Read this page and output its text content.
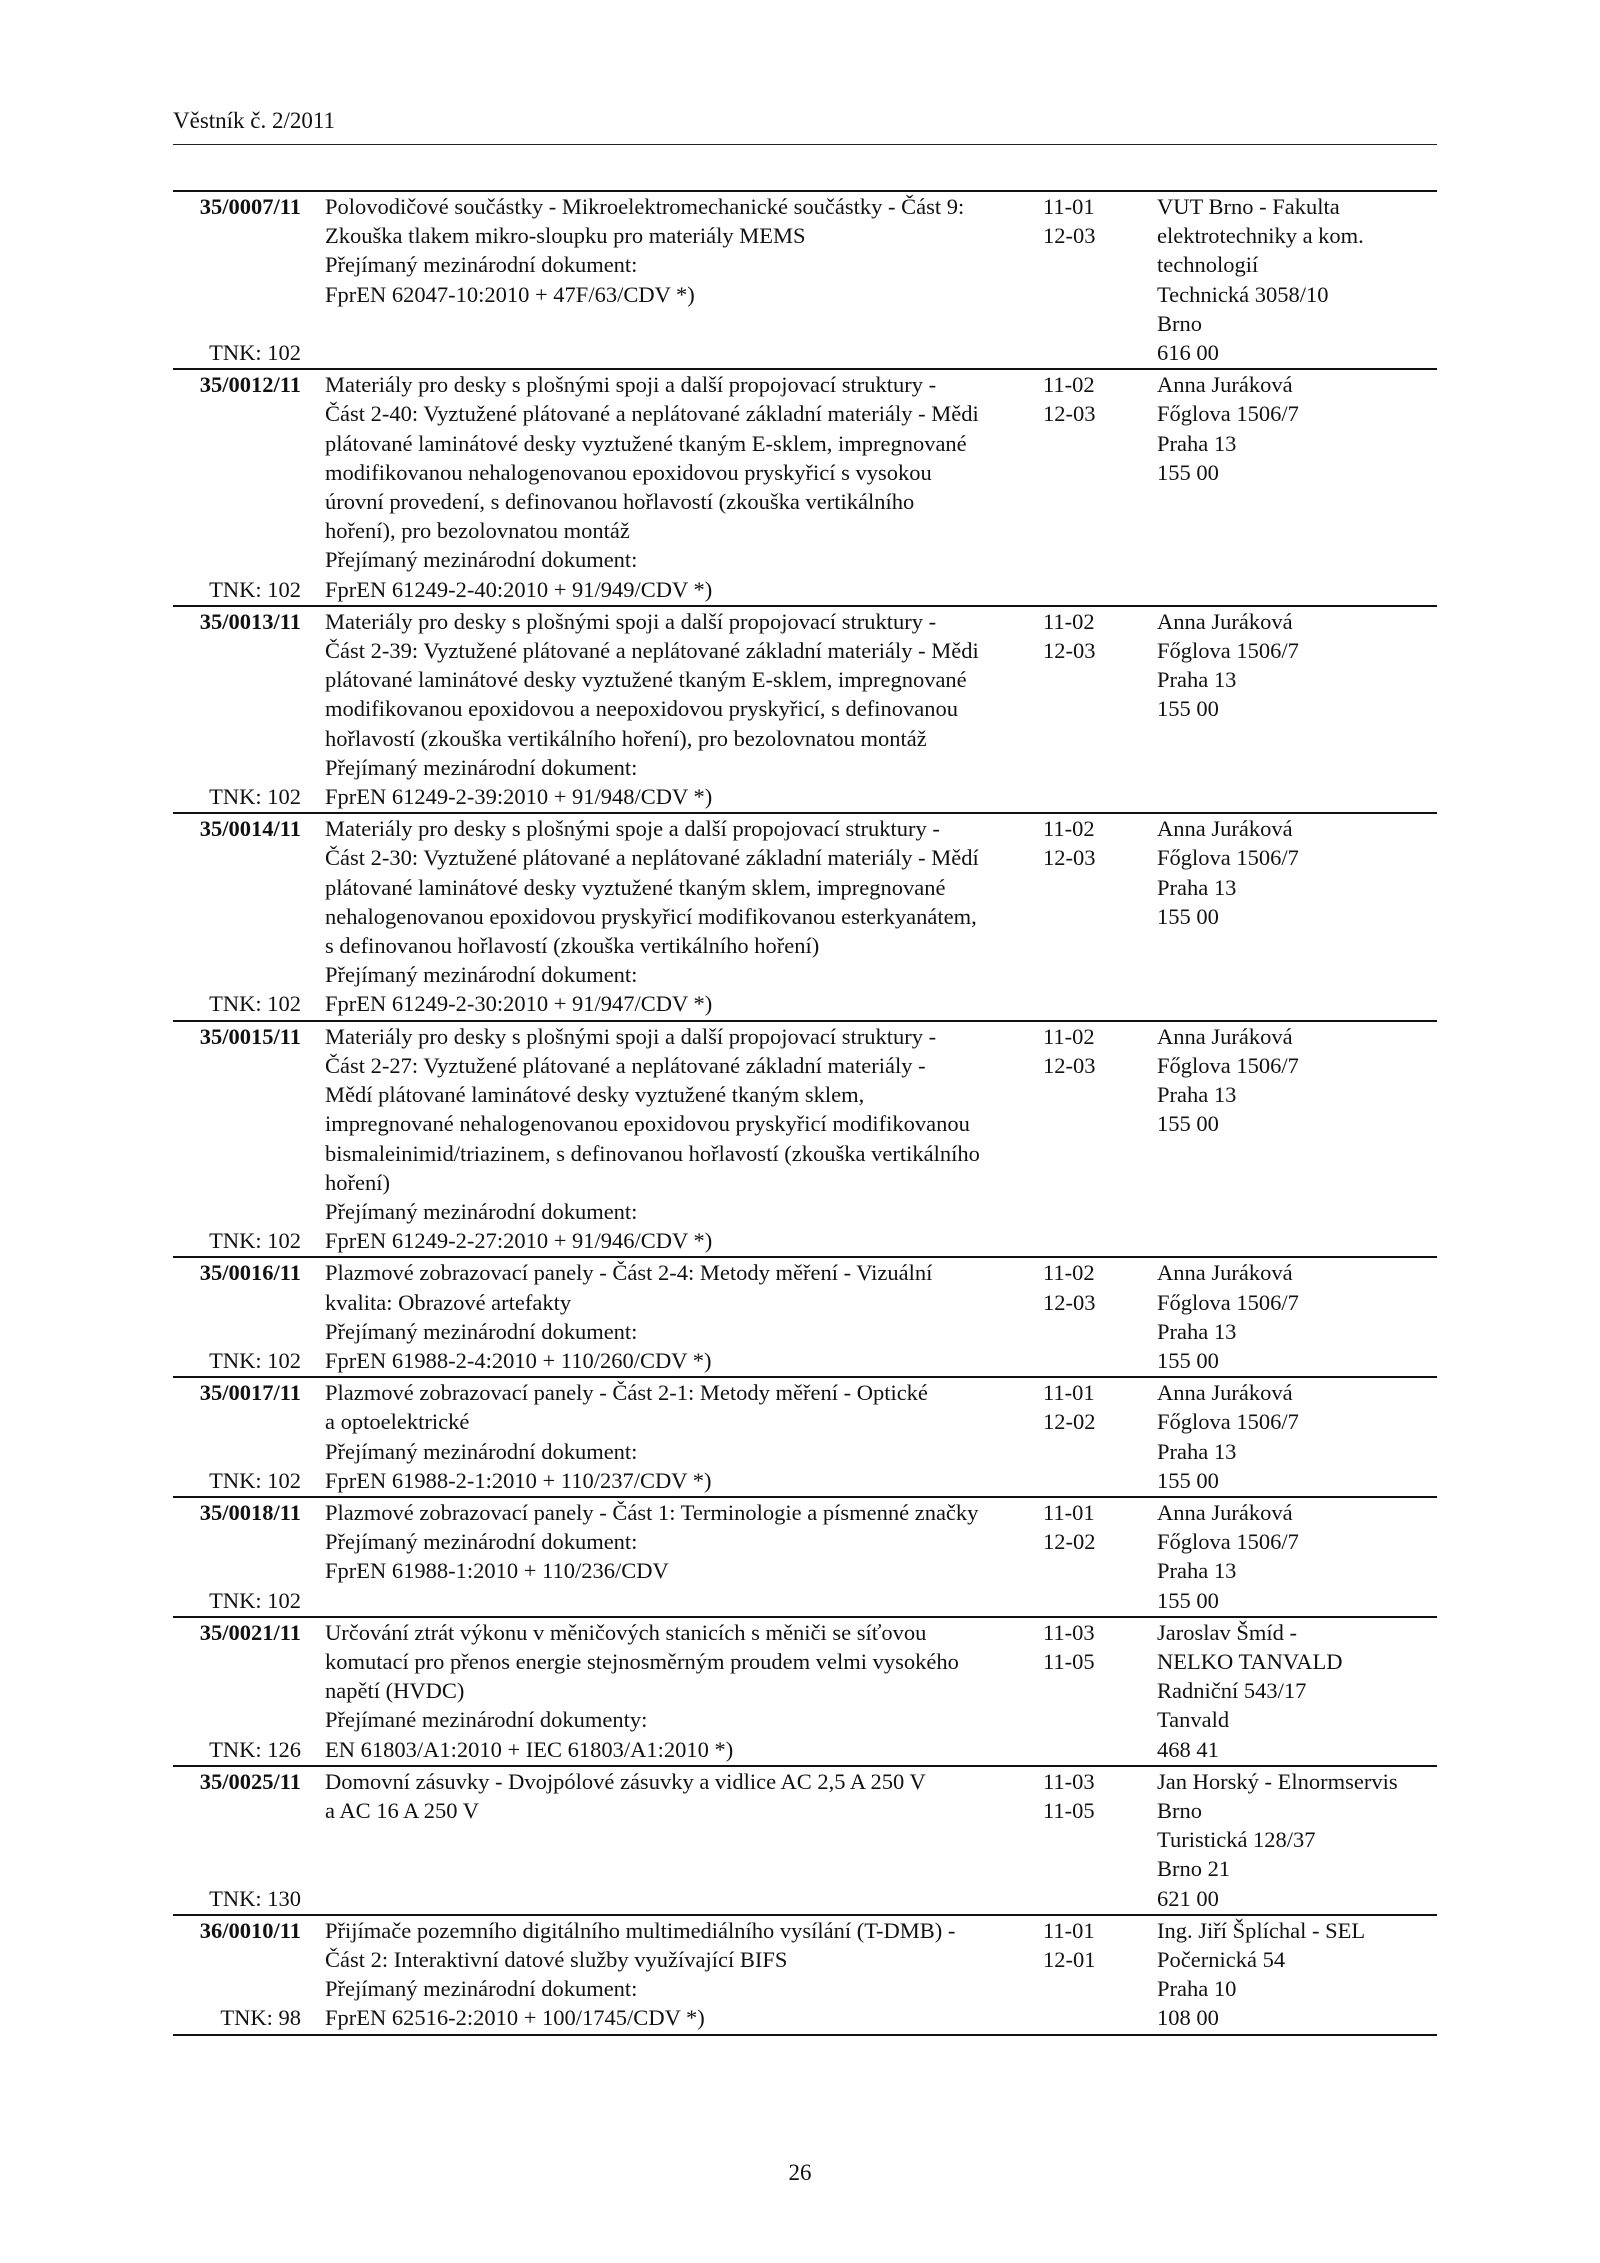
Věstník č. 2/2011
35/0007/11
TNK: 102
Polovodičové součástky - Mikroelektromechanické součástky - Část 9:
Zkouška tlakem mikro-sloupku pro materiály MEMS
Přejímaný mezinárodní dokument:
FprEN 62047-10:2010 + 47F/63/CDV *)
11-01
12-03
VUT Brno - Fakulta
elektrotechniky a kom.
technologií
Technická 3058/10
Brno
616 00
35/0012/11
TNK: 102
Materiály pro desky s plošnými spoji a další propojovací struktury -
Část 2-40: Vyztužené plátované a neplátované základní materiály - Mědi
plátované laminátové desky vyztužené tkaným E-sklem, impregnované
modifikovanou nehalogenovanou epoxidovou pryskyřicí s vysokou
úrovní provedení, s definovanou hořlavostí (zkouška vertikálního
hoření), pro bezolovnatou montáž
Přejímaný mezinárodní dokument:
FprEN 61249-2-40:2010 + 91/949/CDV *)
11-02
12-03
Anna Juráková
Főglova 1506/7
Praha 13
155 00
35/0013/11
TNK: 102
Materiály pro desky s plošnými spoji a další propojovací struktury -
Část 2-39: Vyztužené plátované a neplátované základní materiály - Mědi
plátované laminátové desky vyztužené tkaným E-sklem, impregnované
modifikovanou epoxidovou a neepoxidovou pryskyřicí, s definovanou
hořlavostí (zkouška vertikálního hoření), pro bezolovnatou montáž
Přejímaný mezinárodní dokument:
FprEN 61249-2-39:2010 + 91/948/CDV *)
11-02
12-03
Anna Juráková
Főglova 1506/7
Praha 13
155 00
35/0014/11
TNK: 102
Materiály pro desky s plošnými spoje a další propojovací struktury -
Část 2-30: Vyztužené plátované a neplátované základní materiály - Mědí
plátované laminátové desky vyztužené tkaným sklem, impregnované
nehalogenovanou epoxidovou pryskyřicí modifikovanou esterkyanátem,
s definovanou hořlavostí (zkouška vertikálního hoření)
Přejímaný mezinárodní dokument:
FprEN 61249-2-30:2010 + 91/947/CDV *)
11-02
12-03
Anna Juráková
Főglova 1506/7
Praha 13
155 00
35/0015/11
TNK: 102
Materiály pro desky s plošnými spoji a další propojovací struktury -
Část 2-27: Vyztužené plátované a neplátované základní materiály -
Mědí plátované laminátové desky vyztužené tkaným sklem,
impregnované nehalogenovanou epoxidovou pryskyřicí modifikovanou
bismaleinimid/triazinem, s definovanou hořlavostí (zkouška vertikálního
hoření)
Přejímaný mezinárodní dokument:
FprEN 61249-2-27:2010 + 91/946/CDV *)
11-02
12-03
Anna Juráková
Főglova 1506/7
Praha 13
155 00
35/0016/11
TNK: 102
Plazmové zobrazovací panely - Část 2-4: Metody měření - Vizuální
kvalita: Obrazové artefakty
Přejímaný mezinárodní dokument:
FprEN 61988-2-4:2010 + 110/260/CDV *)
11-02
12-03
Anna Juráková
Főglova 1506/7
Praha 13
155 00
35/0017/11
TNK: 102
Plazmové zobrazovací panely - Část 2-1: Metody měření - Optické
a optoelektrické
Přejímaný mezinárodní dokument:
FprEN 61988-2-1:2010 + 110/237/CDV *)
11-01
12-02
Anna Juráková
Főglova 1506/7
Praha 13
155 00
35/0018/11
TNK: 102
Plazmové zobrazovací panely - Část 1: Terminologie a písmenné značky
Přejímaný mezinárodní dokument:
FprEN 61988-1:2010 + 110/236/CDV
11-01
12-02
Anna Juráková
Főglova 1506/7
Praha 13
155 00
35/0021/11
TNK: 126
Určování ztrát výkonu v měničových stanicích s měniči se síťovou
komutací pro přenos energie stejnosměrným proudem velmi vysokého
napětí (HVDC)
Přejímané mezinárodní dokumenty:
EN 61803/A1:2010 + IEC 61803/A1:2010 *)
11-03
11-05
Jaroslav Šmíd -
NELKO TANVALD
Radniční 543/17
Tanvald
468 41
35/0025/11
TNK: 130
Domovní zásuvky - Dvojpólové zásuvky a vidlice AC 2,5 A 250 V
a AC 16 A 250 V
11-03
11-05
Jan Horský - Elnormservis
Brno
Turistická 128/37
Brno 21
621 00
36/0010/11
TNK: 98
Přijímače pozemního digitálního multimediálního vysílání (T-DMB) -
Část 2: Interaktivní datové služby využívající BIFS
Přejímaný mezinárodní dokument:
FprEN 62516-2:2010 + 100/1745/CDV *)
11-01
12-01
Ing. Jiří Šplíchal - SEL
Počernická 54
Praha 10
108 00
26
